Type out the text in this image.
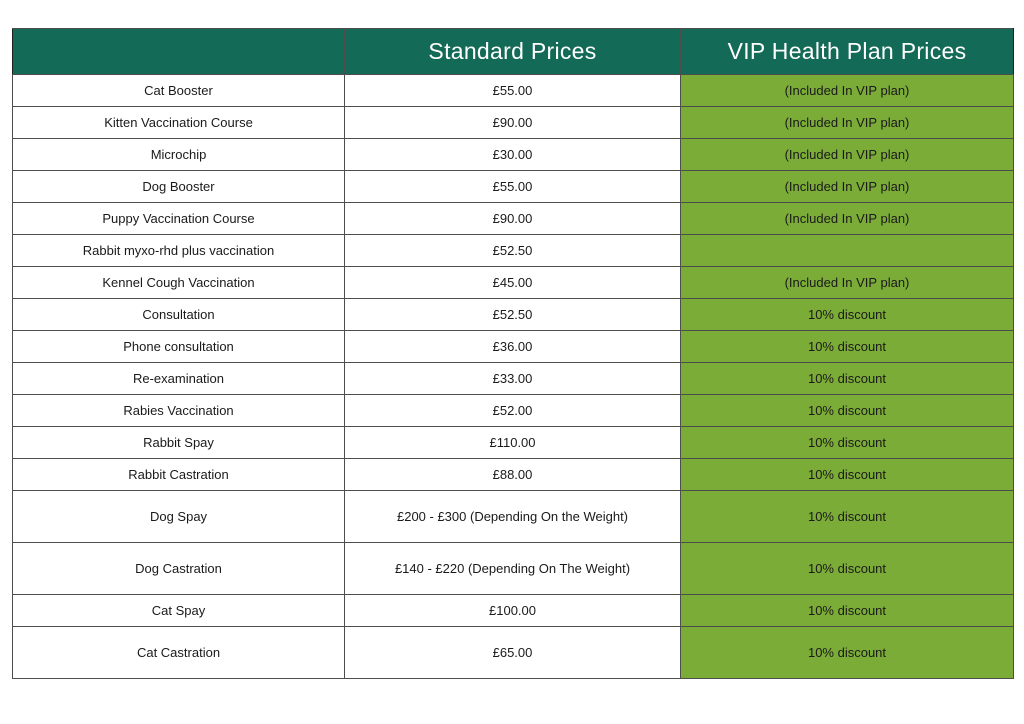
	Standard Prices	VIP Health Plan Prices
Cat Booster	£55.00	(Included In VIP plan)
Kitten Vaccination Course	£90.00	(Included In VIP plan)
Microchip	£30.00	(Included In VIP plan)
Dog Booster	£55.00	(Included In VIP plan)
Puppy Vaccination Course	£90.00	(Included In VIP plan)
Rabbit myxo-rhd plus vaccination	£52.50	
Kennel Cough Vaccination	£45.00	(Included In VIP plan)
Consultation	£52.50	10% discount
Phone consultation	£36.00	10% discount
Re-examination	£33.00	10% discount
Rabies Vaccination	£52.00	10% discount
Rabbit Spay	£110.00	10% discount
Rabbit Castration	£88.00	10% discount
Dog Spay	£200 - £300 (Depending On the Weight)	10% discount
Dog Castration	£140 - £220 (Depending On The Weight)	10% discount
Cat Spay	£100.00	10% discount
Cat Castration	£65.00	10% discount
